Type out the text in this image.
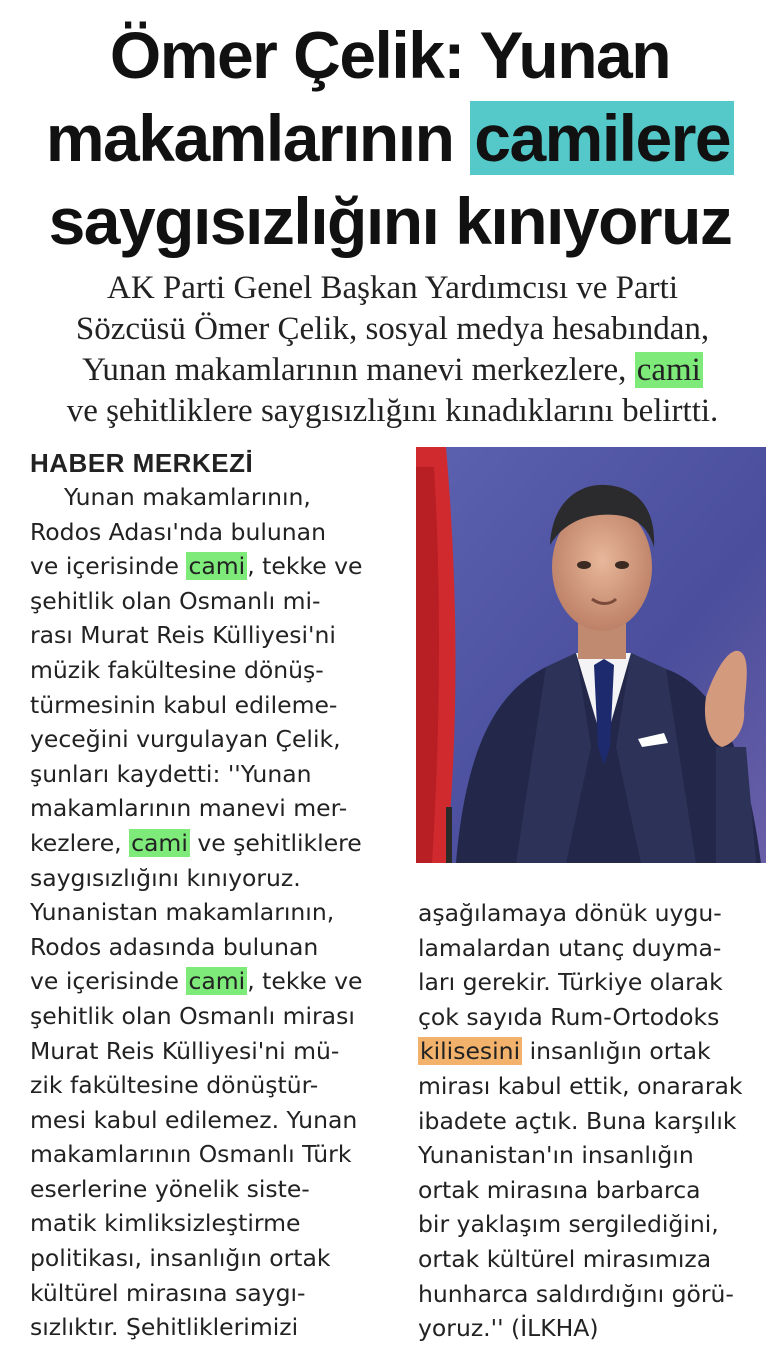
Ömer Çelik: Yunan
makamlarının camilere
saygısızlığını kınıyoruz
AK Parti Genel Başkan Yardımcısı ve Parti
Sözcüsü Ömer Çelik, sosyal medya hesabından,
Yunan makamlarının manevi merkezlere, cami
ve şehitliklere saygısızlığını kınadıklarını belirtti.
HABER MERKEZİ
Yunan makamlarının,
Rodos Adası'nda bulunan
ve içerisinde cami, tekke ve
şehitlik olan Osmanlı mi-
rası Murat Reis Külliyesi'ni
müzik fakültesine dönüş-
türmesinin kabul edileme-
yeceğini vurgulayan Çelik,
şunları kaydetti: ''Yunan
makamlarının manevi mer-
kezlere, cami ve şehitliklere
saygısızlığını kınıyoruz.
Yunanistan makamlarının,
Rodos adasında bulunan
ve içerisinde cami, tekke ve
şehitlik olan Osmanlı mirası
Murat Reis Külliyesi'ni mü-
zik fakültesine dönüştür-
mesi kabul edilemez. Yunan
makamlarının Osmanlı Türk
eserlerine yönelik siste-
matik kimliksizleştirme
politikası, insanlığın ortak
kültürel mirasına saygı-
sızlıktır. Şehitliklerimizi
aşağılamaya dönük uygu-
lamalardan utanç duyma-
ları gerekir. Türkiye olarak
çok sayıda Rum-Ortodoks
kilisesini insanlığın ortak
mirası kabul ettik, onararak
ibadete açtık. Buna karşılık
Yunanistan'ın insanlığın
ortak mirasına barbarca
bir yaklaşım sergilediğini,
ortak kültürel mirasımıza
hunharca saldırdığını görü-
yoruz.'' (İLKHA)
